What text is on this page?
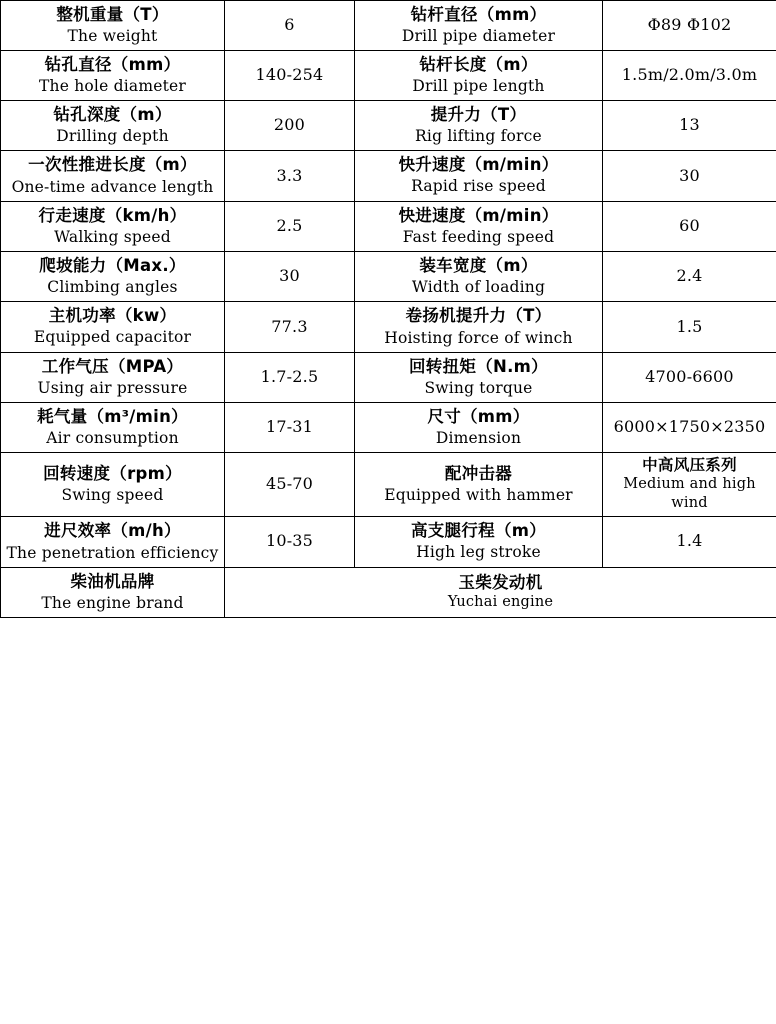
整机重量（T）
The weight	6	钻杆直径（mm）
Drill pipe diameter	Φ89 Φ102

钻孔直径（mm）
The hole diameter	140-254	钻杆长度（m）
Drill pipe length	1.5m/2.0m/3.0m

钻孔深度（m）
Drilling depth	200	提升力（T）
Rig lifting force	13

一次性推进长度（m）
One-time advance length	3.3	快升速度（m/min）
Rapid rise speed	30

行走速度（km/h）
Walking speed	2.5	快进速度（m/min）
Fast feeding speed	60

爬坡能力（Max.）
Climbing angles	30	装车宽度（m）
Width of loading	2.4

主机功率（kw）
Equipped capacitor	77.3	卷扬机提升力（T）
Hoisting force of winch	1.5

工作气压（MPA）
Using air pressure	1.7-2.5	回转扭矩（N.m）
Swing torque	4700-6600

耗气量（m³/min）
Air consumption	17-31	尺寸（mm）
Dimension	6000×1750×2350

回转速度（rpm）
Swing speed	45-70	配冲击器
Equipped with hammer	中高风压系列
Medium and high wind

进尺效率（m/h）
The penetration efficiency	10-35	高支腿行程（m）
High leg stroke	1.4

柴油机品牌
The engine brand	玉柴发动机
Yuchai engine		
